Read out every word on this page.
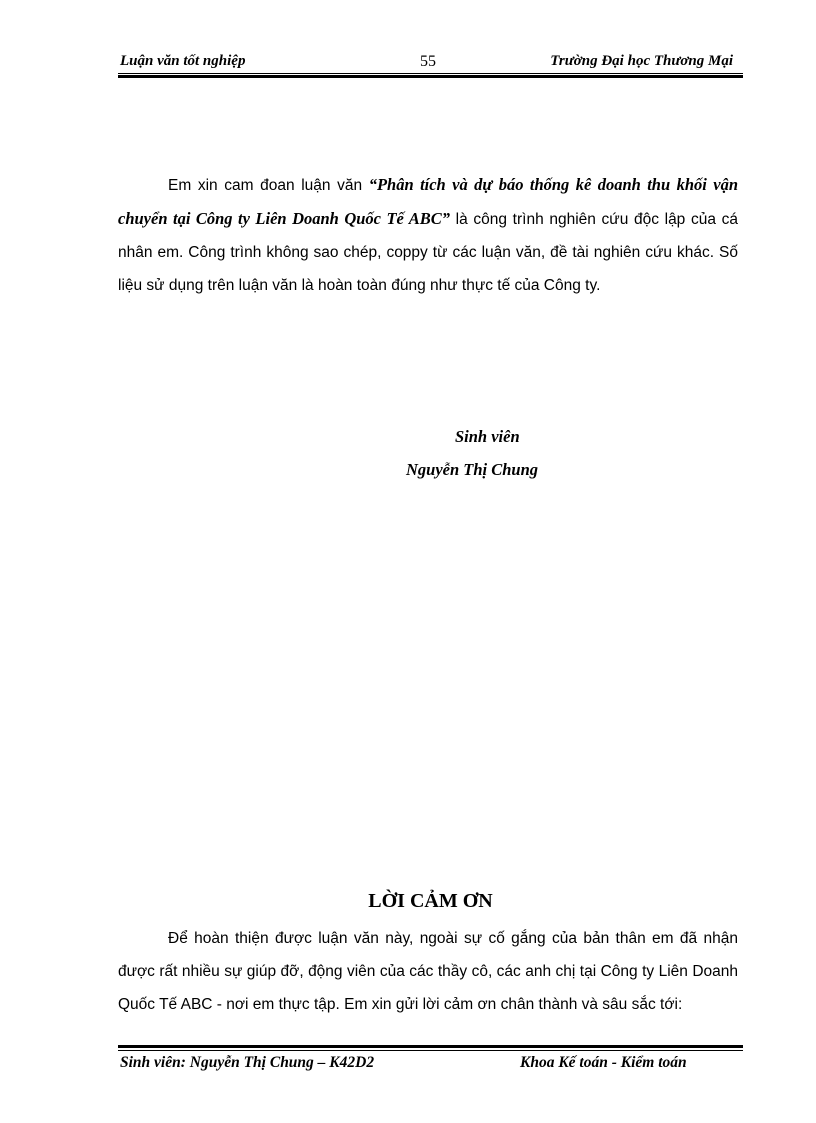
Luận văn tốt nghiệp	55	Trường Đại học Thương Mại
Em xin cam đoan luận văn “Phân tích và dự báo thống kê doanh thu khối vận chuyển tại Công ty Liên Doanh Quốc Tế ABC” là công trình nghiên cứu độc lập của cá nhân em. Công trình không sao chép, coppy từ các luận văn, đề tài nghiên cứu khác. Số liệu sử dụng trên luận văn là hoàn toàn đúng như thực tế của Công ty.
Sinh viên
Nguyễn Thị Chung
LỜI CẢM ƠN
Để hoàn thiện được luận văn này, ngoài sự cố gắng của bản thân em đã nhận được rất nhiều sự giúp đỡ, động viên của các thầy cô, các anh chị tại Công ty Liên Doanh Quốc Tế ABC - nơi em thực tập. Em xin gửi lời cảm ơn chân thành và sâu sắc tới:
Sinh viên: Nguyễn Thị Chung – K42D2	Khoa Kế toán - Kiểm toán
